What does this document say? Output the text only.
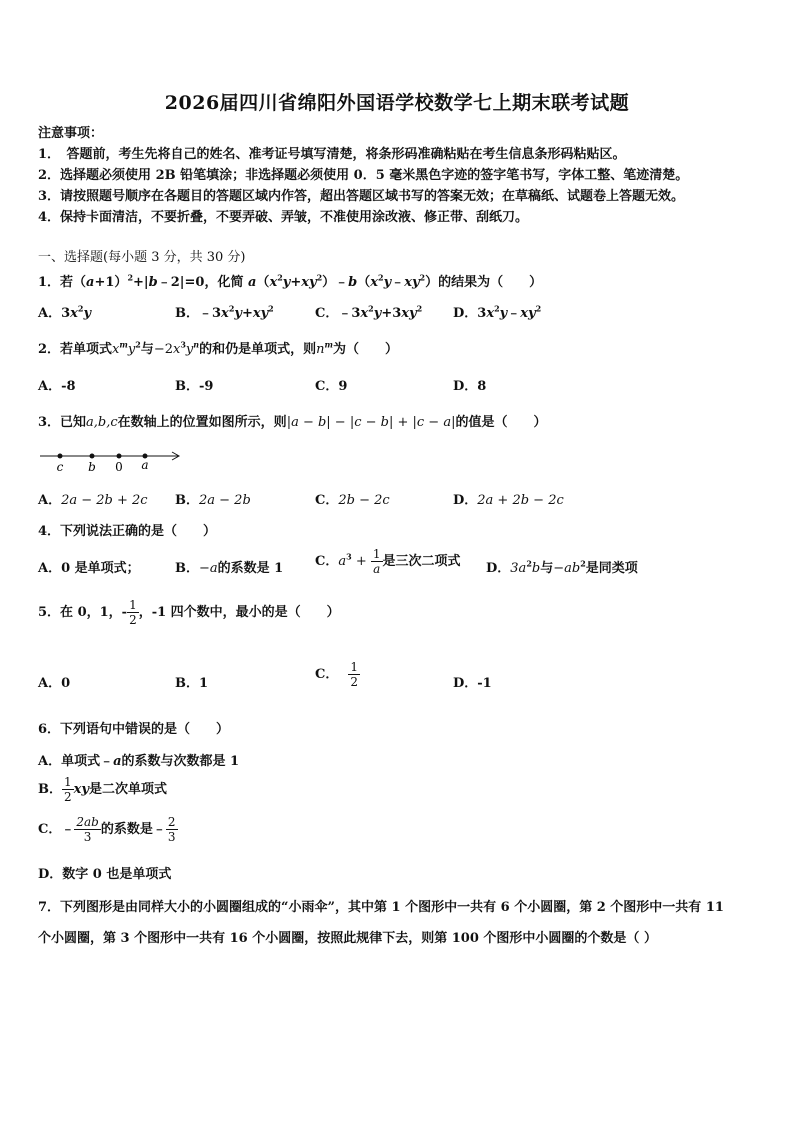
2026届四川省绵阳外国语学校数学七上期末联考试题
注意事项：
1．　答题前，考生先将自己的姓名、准考证号填写清楚，将条形码准确粘贴在考生信息条形码粘贴区。
2．选择题必须使用 2B 铅笔填涂；非选择题必须使用 0．5 毫米黑色字迹的签字笔书写，字体工整、笔迹清楚。
3．请按照题号顺序在各题目的答题区域内作答，超出答题区域书写的答案无效；在草稿纸、试题卷上答题无效。
4．保持卡面清洁，不要折叠，不要弄破、弄皱，不准使用涂改液、修正带、刮纸刀。
一、选择题(每小题 3 分，共 30 分)
1．若$(a+1)^2+|b﹣2|=0$，化简 $a(x^2y+xy^2)﹣b(x^2y﹣xy^2)$的结果为（　　）
A．$3x^2y$	B．$﹣3x^2y+xy^2$	C．$﹣3x^2y+3xy^2$ D．$3x^2y﹣xy^2$
2．若单项式$x^my^2$与$-2x^3y^n$的和仍是单项式，则$n^m$为（　　）
A．-8	B．-9	C．9	D．8
3．已知a,b,c在数轴上的位置如图所示，则|a − b| − |c − b| + |c − a|的值是（　　）
c b 0 a
A．2a − 2b + 2c B．2a − 2b	C．2b − 2c	D．2a + 2b − 2c
4．下列说法正确的是（　　）
A．0 是单项式；	B．−a的系数是 1 C．$a^3 + \frac{1}{a}$ 是三次二项式 D．$3a^2b$与$-ab^2$是同类项
5．在 0，1，- $\frac{1}{2}$ ，-1 四个数中，最小的是（　　）
A．0	B．1
C． $\frac{1}{2}$	D．-1
6．下列语句中错误的是（　　）
A．单项式﹣a的系数与次数都是 1
B． $\frac{1}{2}$ xy是二次单项式
C．﹣ $\frac{2ab}{3}$ 的系数是﹣ $\frac{2}{3}$
D．数字 0 也是单项式
7．下列图形是由同样大小的小圆圈组成的“小雨伞”，其中第 1 个图形中一共有 6 个小圆圈，第 2 个图形中一共有 11
个小圆圈，第 3 个图形中一共有 16 个小圆圈，按照此规律下去，则第 100 个图形中小圆圈的个数是（ ）
